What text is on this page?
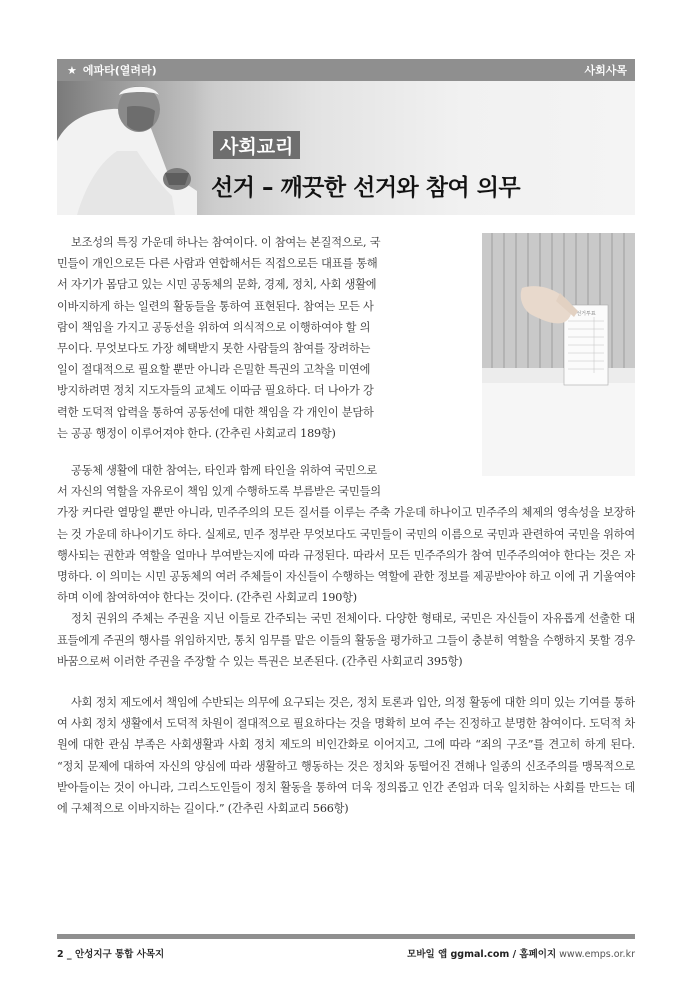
★ 에파타(열려라)	사회사목
사회교리
선거 – 깨끗한 선거와 참여 의무
선거투표

보조성의 특징 가운데 하나는 참여이다. 이 참여는 본질적으로, 국

민들이 개인으로든 다른 사람과 연합해서든 직접으로든 대표를 통해

서 자기가 몸담고 있는 시민 공동체의 문화, 경제, 정치, 사회 생활에

이바지하게 하는 일련의 활동들을 통하여 표현된다. 참여는 모든 사

람이 책임을 가지고 공동선을 위하여 의식적으로 이행하여야 할 의

무이다. 무엇보다도 가장 혜택받지 못한 사람들의 참여를 장려하는

일이 절대적으로 필요할 뿐만 아니라 은밀한 특권의 고착을 미연에

방지하려면 정치 지도자들의 교체도 이따금 필요하다. 더 나아가 강

력한 도덕적 압력을 통하여 공동선에 대한 책임을 각 개인이 분담하

는 공공 행정이 이루어져야 한다. (간추린 사회교리 189항)

공동체 생활에 대한 참여는, 타인과 함께 타인을 위하여 국민으로

서 자신의 역할을 자유로이 책임 있게 수행하도록 부름받은 국민들의

가장 커다란 열망일 뿐만 아니라, 민주주의의 모든 질서를 이루는 주축 가운데 하나이고 민주주의 체제의 영속성을 보장하는 것 가운데 하나이기도 하다. 실제로, 민주 정부란 무엇보다도 국민들이 국민의 이름으로 국민과 관련하여 국민을 위하여 행사되는 권한과 역할을 얼마나 부여받는지에 따라 규정된다. 따라서 모든 민주주의가 참여 민주주의여야 한다는 것은 자명하다. 이 의미는 시민 공동체의 여러 주체들이 자신들이 수행하는 역할에 관한 정보를 제공받아야 하고 이에 귀 기울여야 하며 이에 참여하여야 한다는 것이다. (간추린 사회교리 190항)

정치 권위의 주체는 주권을 지닌 이들로 간주되는 국민 전체이다. 다양한 형태로, 국민은 자신들이 자유롭게 선출한 대표들에게 주권의 행사를 위임하지만, 통치 임무를 맡은 이들의 활동을 평가하고 그들이 충분히 역할을 수행하지 못할 경우 바꿈으로써 이러한 주권을 주장할 수 있는 특권은 보존된다. (간추린 사회교리 395항)

사회 정치 제도에서 책임에 수반되는 의무에 요구되는 것은, 정치 토론과 입안, 의정 활동에 대한 의미 있는 기여를 통하여 사회 정치 생활에서 도덕적 차원이 절대적으로 필요하다는 것을 명확히 보여 주는 진정하고 분명한 참여이다. 도덕적 차원에 대한 관심 부족은 사회생활과 사회 정치 제도의 비인간화로 이어지고, 그에 따라 “죄의 구조”를 견고히 하게 된다. “정치 문제에 대하여 자신의 양심에 따라 생활하고 행동하는 것은 정치와 동떨어진 견해나 일종의 신조주의를 맹목적으로 받아들이는 것이 아니라, 그리스도인들이 정치 활동을 통하여 더욱 정의롭고 인간 존엄과 더욱 일치하는 사회를 만드는 데에 구체적으로 이바지하는 길이다.” (간추린 사회교리 566항)

2 _ 안성지구 통합 사목지	모바일 앱 ggmal.com / 홈페이지 www.emps.or.kr
